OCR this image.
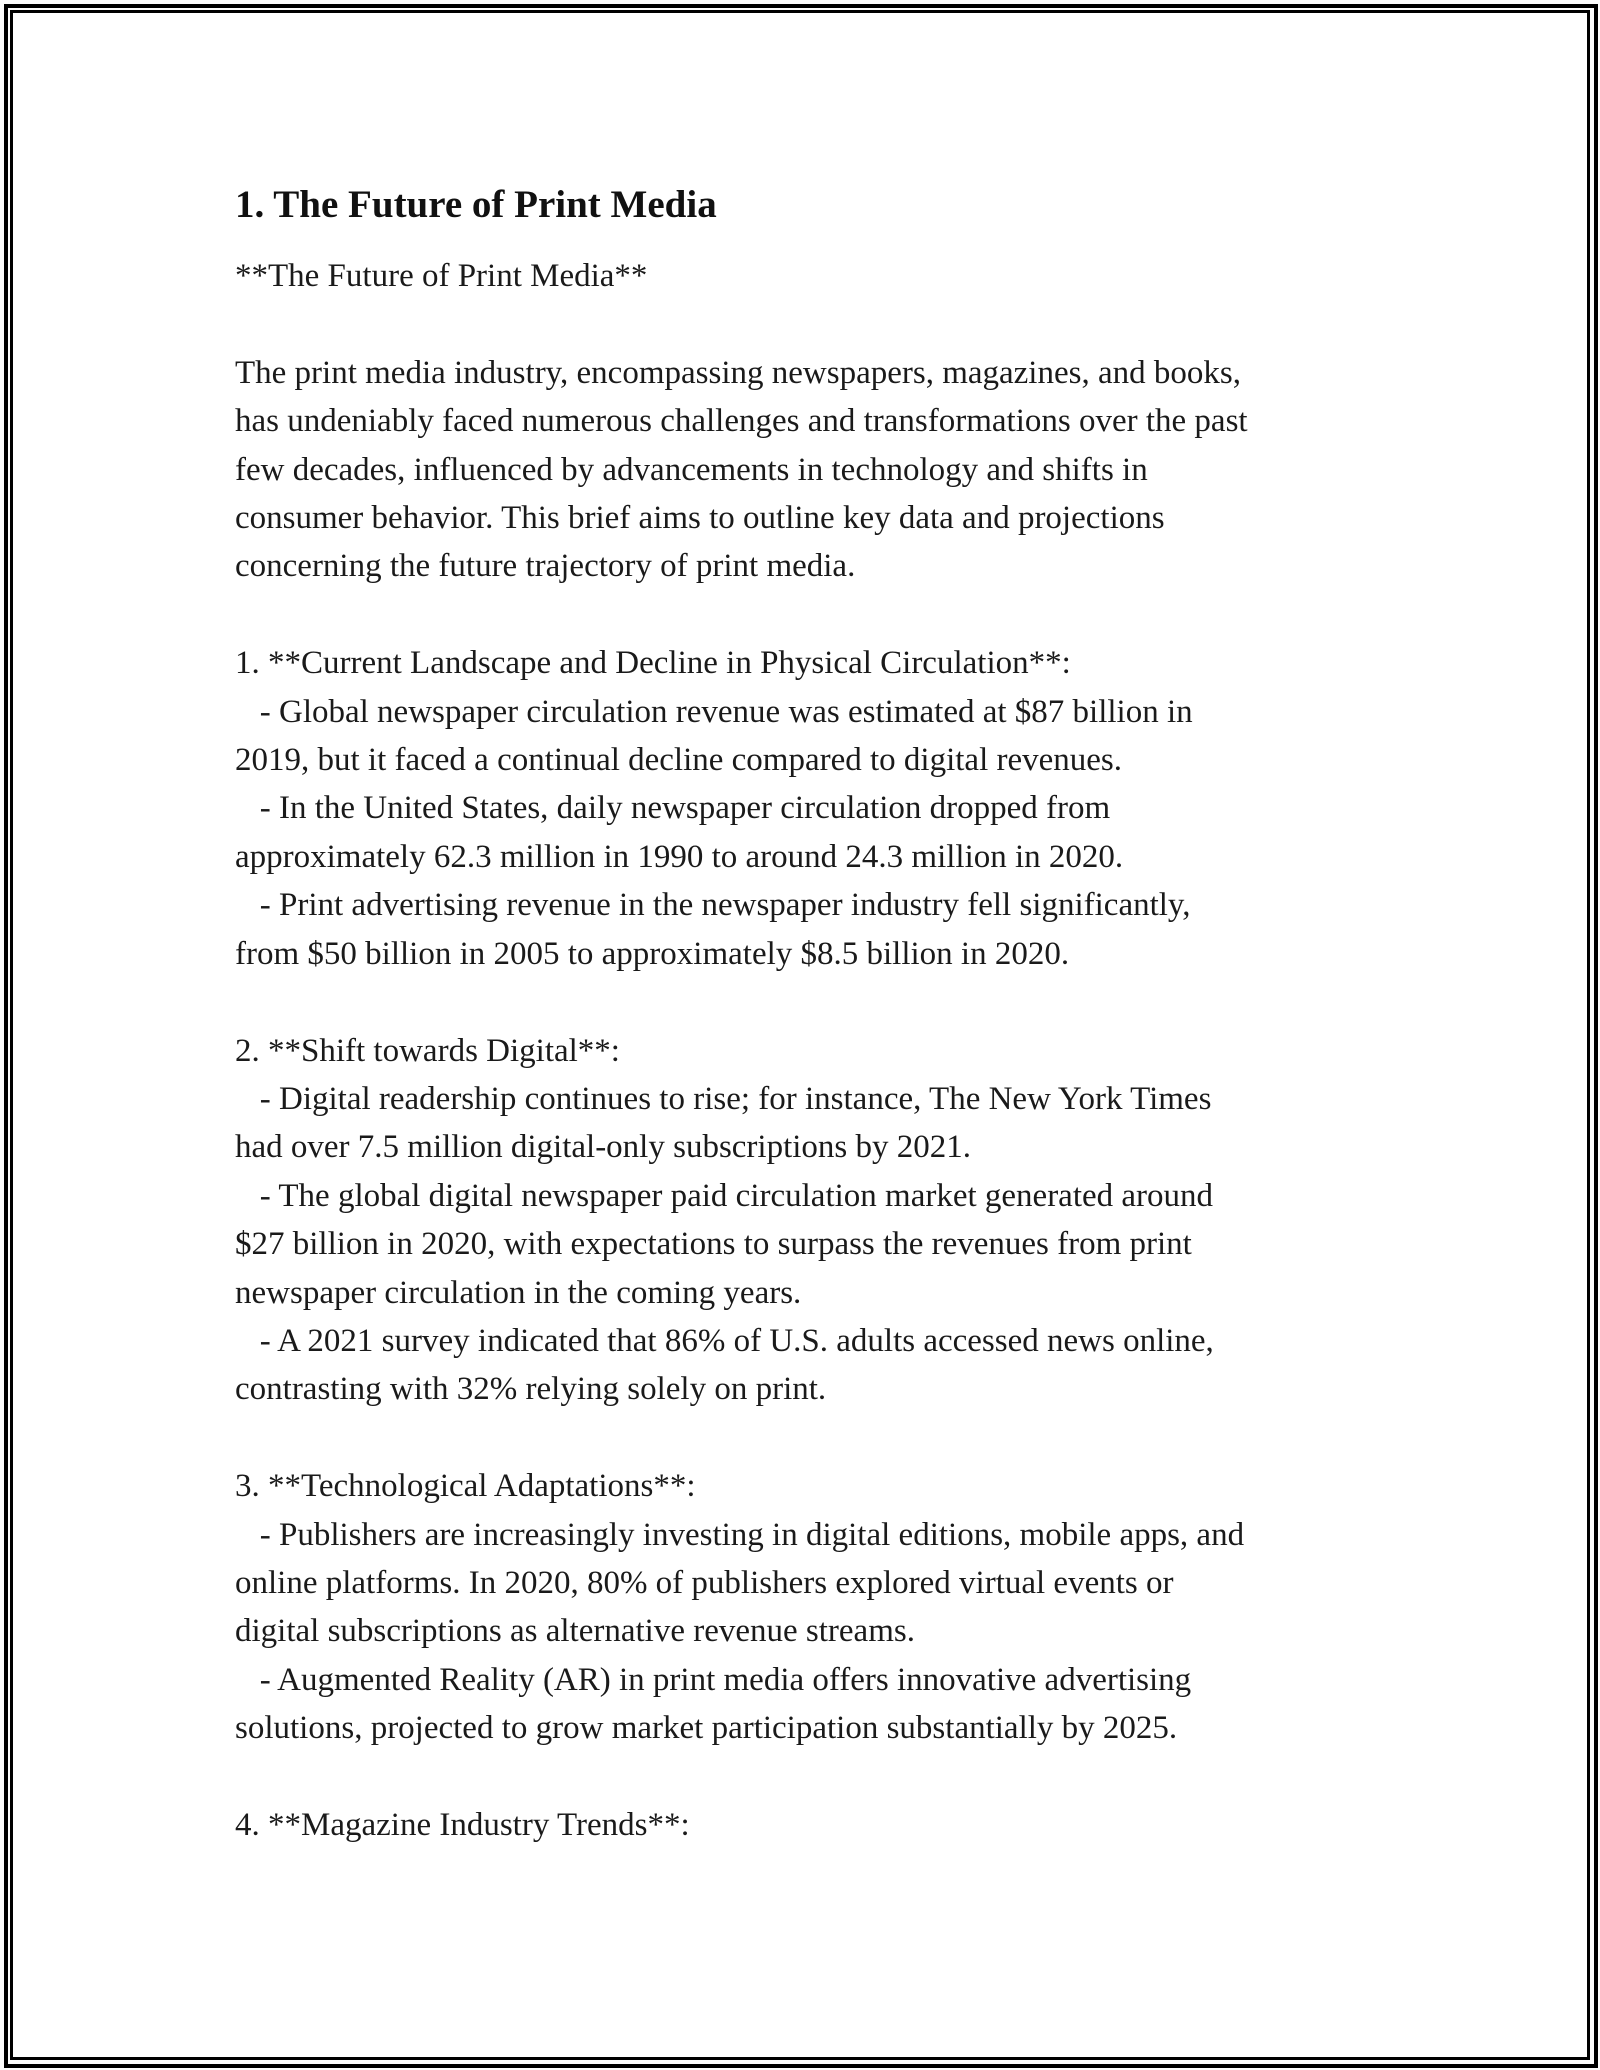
1. The Future of Print Media

**The Future of Print Media**

The print media industry, encompassing newspapers, magazines, and books,
has undeniably faced numerous challenges and transformations over the past
few decades, influenced by advancements in technology and shifts in
consumer behavior. This brief aims to outline key data and projections
concerning the future trajectory of print media.

1. **Current Landscape and Decline in Physical Circulation**:
- Global newspaper circulation revenue was estimated at $87 billion in
2019, but it faced a continual decline compared to digital revenues.
- In the United States, daily newspaper circulation dropped from
approximately 62.3 million in 1990 to around 24.3 million in 2020.
- Print advertising revenue in the newspaper industry fell significantly,
from $50 billion in 2005 to approximately $8.5 billion in 2020.

2. **Shift towards Digital**:
- Digital readership continues to rise; for instance, The New York Times
had over 7.5 million digital-only subscriptions by 2021.
- The global digital newspaper paid circulation market generated around
$27 billion in 2020, with expectations to surpass the revenues from print
newspaper circulation in the coming years.
- A 2021 survey indicated that 86% of U.S. adults accessed news online,
contrasting with 32% relying solely on print.

3. **Technological Adaptations**:
- Publishers are increasingly investing in digital editions, mobile apps, and
online platforms. In 2020, 80% of publishers explored virtual events or
digital subscriptions as alternative revenue streams.
- Augmented Reality (AR) in print media offers innovative advertising
solutions, projected to grow market participation substantially by 2025.

4. **Magazine Industry Trends**:
